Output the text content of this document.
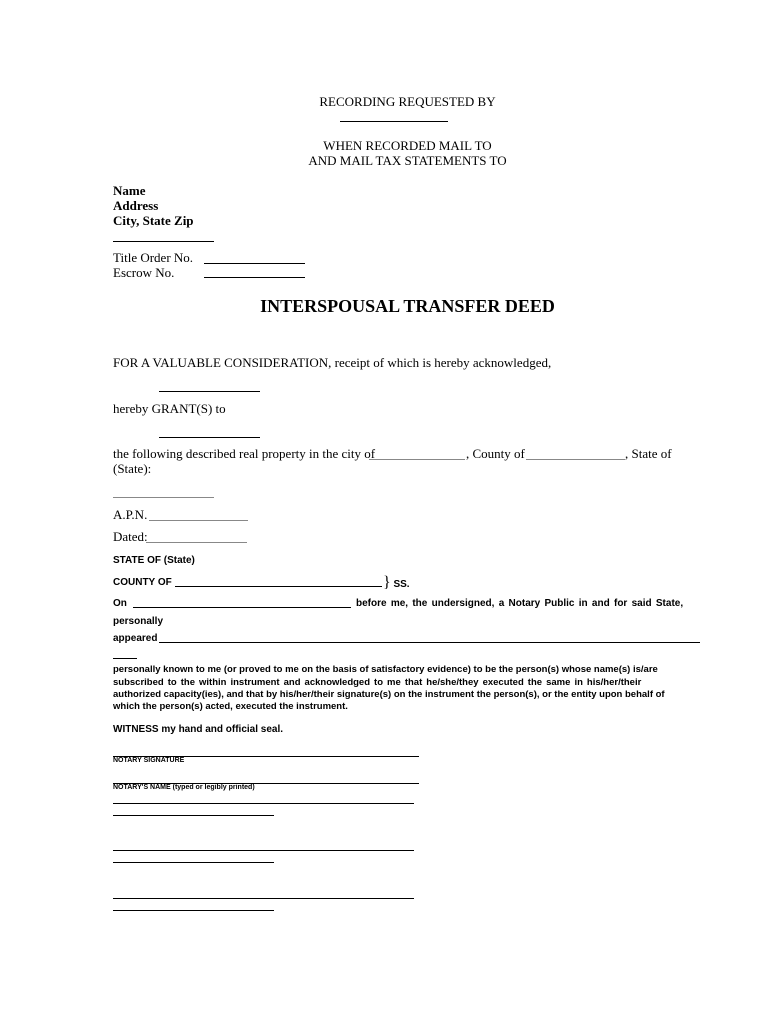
RECORDING REQUESTED BY
WHEN RECORDED MAIL TO
AND MAIL TAX STATEMENTS TO
Name
Address
City, State Zip
Title Order No.
Escrow No.
INTERSPOUSAL TRANSFER DEED
FOR A VALUABLE CONSIDERATION, receipt of which is hereby acknowledged,
hereby GRANT(S) to
the following described real property in the city of	, County of	, State of
(State):
A.P.N.
Dated:
STATE OF (State)
COUNTY OF	} SS.
On	before me, the undersigned, a Notary Public in and for said State,
personally
appeared
personally known to me (or proved to me on the basis of satisfactory evidence) to be the person(s) whose name(s) is/are
subscribed to the within instrument and acknowledged to me that he/she/they executed the same in his/her/their
authorized capacity(ies), and that by his/her/their signature(s) on the instrument the person(s), or the entity upon behalf of
which the person(s) acted, executed the instrument.
WITNESS my hand and official seal.
NOTARY SIGNATURE
NOTARY'S NAME (typed or legibly printed)
